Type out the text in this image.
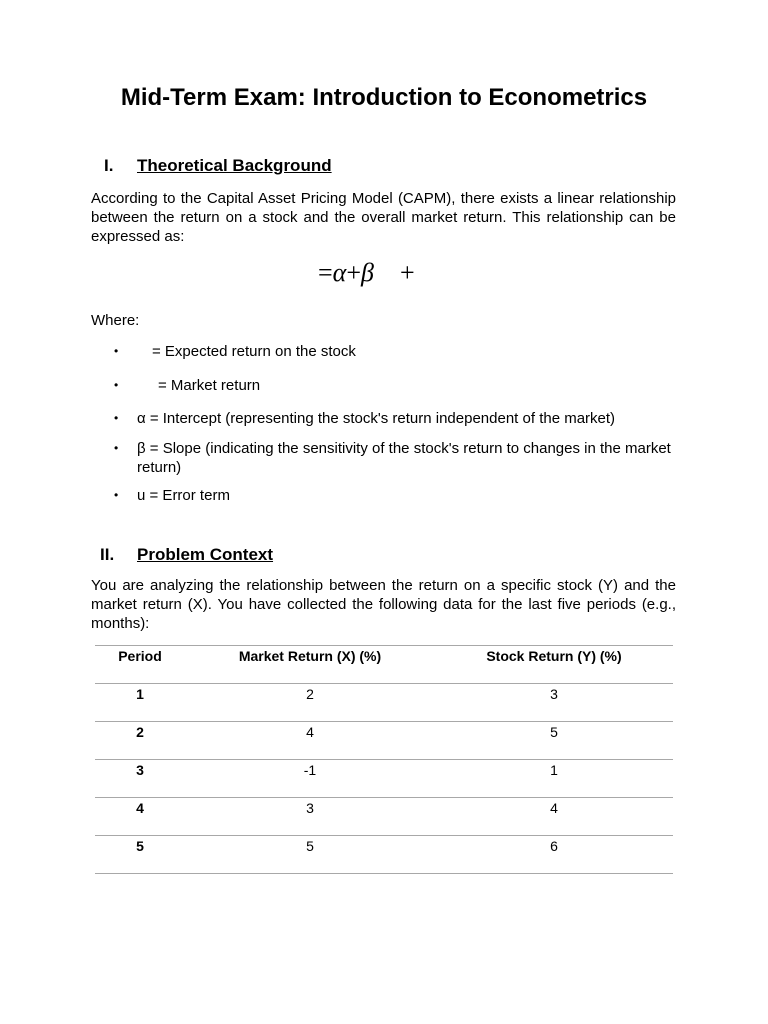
Mid-Term Exam: Introduction to Econometrics
I. Theoretical Background

According to the Capital Asset Pricing Model (CAPM), there exists a linear relationship between the return on a stock and the overall market return. This relationship can be expressed as:

=α+β +

Where:

• = Expected return on the stock
•	= Market return
• α = Intercept (representing the stock's return independent of the market)
• β = Slope (indicating the sensitivity of the stock's return to changes in the market return)
• u = Error term
II. Problem Context

You are analyzing the relationship between the return on a specific stock (Y) and the market return (X). You have collected the following data for the last five periods (e.g., months):

Period	Market Return (X) (%)	Stock Return (Y) (%)
1	2	3
2	4	5
3	-1	1
4	3	4
5	5	6
